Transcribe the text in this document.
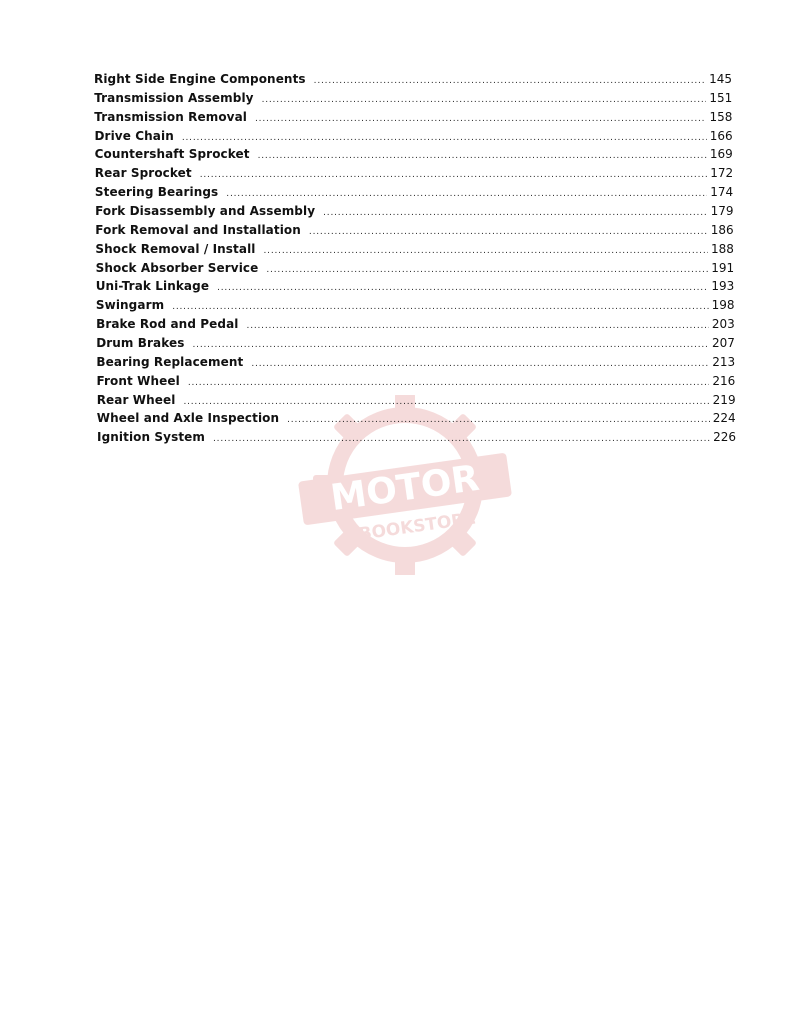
MOTOR
BOOKSTORE
Right Side Engine Components .....	145
Transmission Assembly .....	151
Transmission Removal .....	158
Drive Chain .....	166
Countershaft Sprocket .....	169
Rear Sprocket .....	172
Steering Bearings .....	174
Fork Disassembly and Assembly .....	179
Fork Removal and Installation .....	186
Shock Removal / Install .....	188
Shock Absorber Service .....	191
Uni-Trak Linkage .....	193
Swingarm .....	198
Brake Rod and Pedal .....	203
Drum Brakes .....	207
Bearing Replacement .....	213
Front Wheel .....	216
Rear Wheel .....	219
Wheel and Axle Inspection .....	224
Ignition System .....	226
